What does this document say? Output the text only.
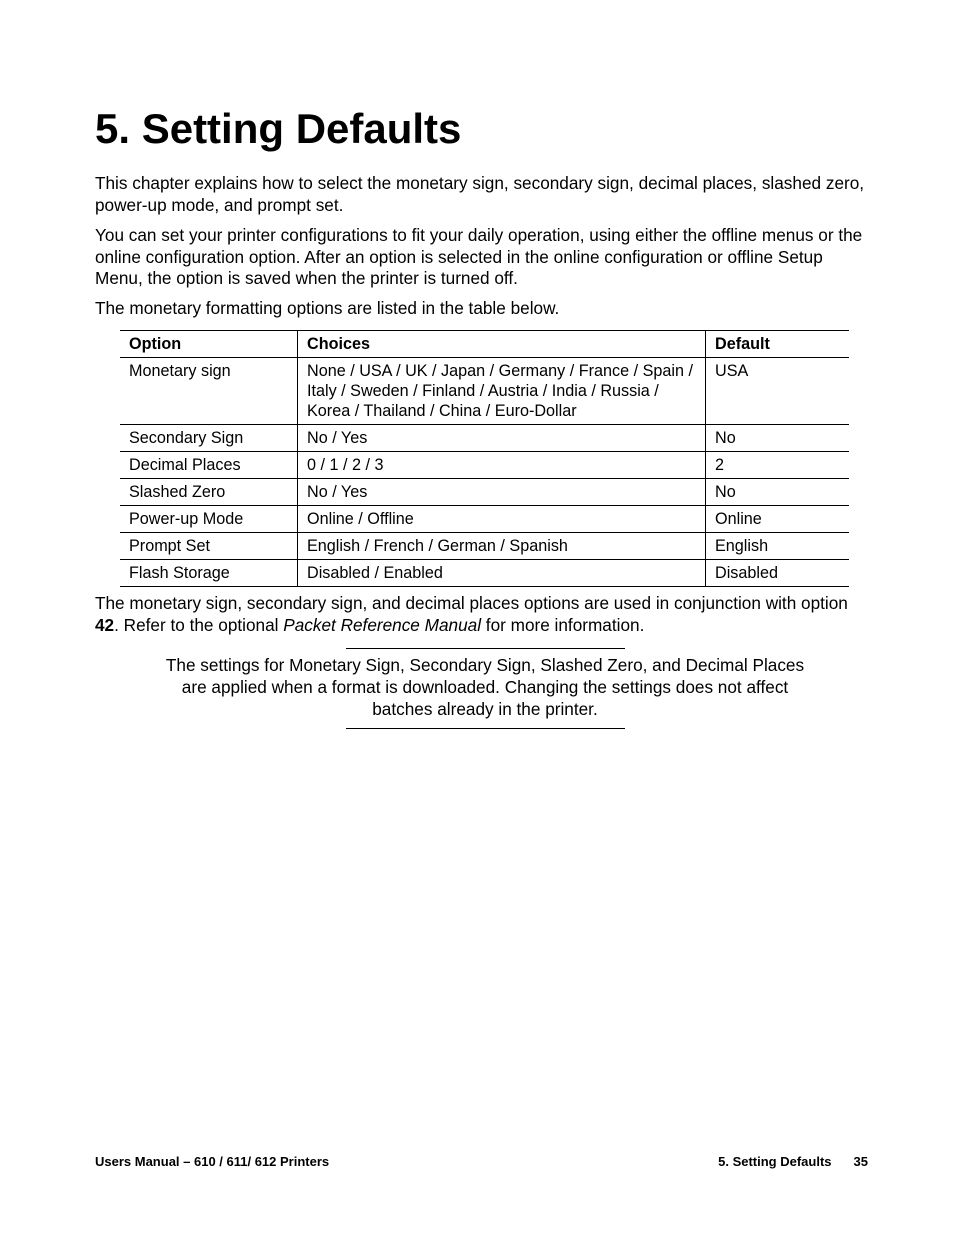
5. Setting Defaults

This chapter explains how to select the monetary sign, secondary sign, decimal places, slashed zero, power-up mode, and prompt set.

You can set your printer configurations to fit your daily operation, using either the offline menus or the online configuration option. After an option is selected in the online configuration or offline Setup Menu, the option is saved when the printer is turned off.

The monetary formatting options are listed in the table below.

Option	Choices	Default
Monetary sign	None / USA / UK / Japan / Germany / France / Spain / Italy / Sweden / Finland / Austria / India / Russia / Korea / Thailand / China / Euro-Dollar	USA
Secondary Sign	No / Yes	No
Decimal Places	0 / 1 / 2 / 3	2
Slashed Zero	No / Yes	No
Power-up Mode	Online / Offline	Online
Prompt Set	English / French / German / Spanish	English
Flash Storage	Disabled / Enabled	Disabled

The monetary sign, secondary sign, and decimal places options are used in conjunction with option 42. Refer to the optional Packet Reference Manual for more information.

The settings for Monetary Sign, Secondary Sign, Slashed Zero, and Decimal Places are applied when a format is downloaded. Changing the settings does not affect batches already in the printer.

Users Manual – 610 / 611/ 612 Printers	5. Setting Defaults 35
